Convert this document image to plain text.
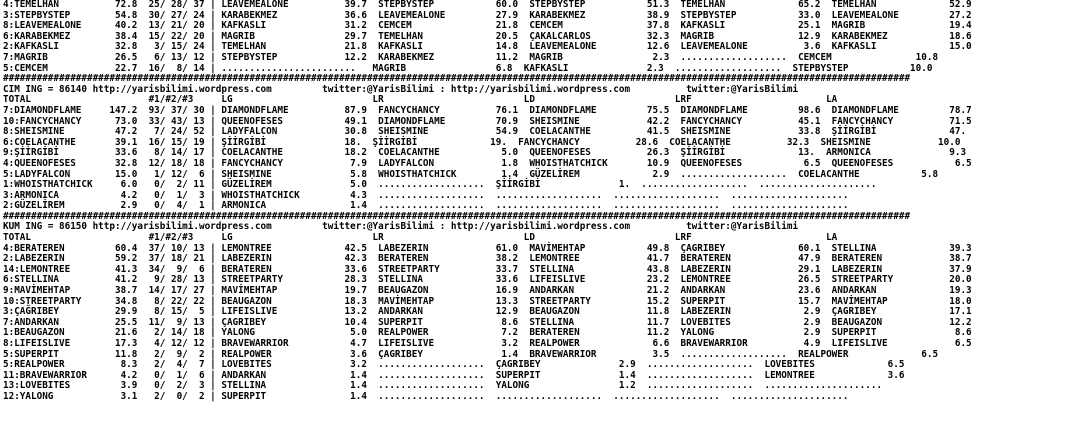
4:TEMELHAN          72.8  25/ 28/ 37 | LEAVEMEALONE          39.7  STEPBYSTEP           60.0  STEPBYSTEP           51.3  TEMELHAN             65.2  TEMELHAN             52.9
3:STEPBYSTEP        54.8  30/ 27/ 24 | KARABEKMEZ            36.6  LEAVEMEALONE         27.9  KARABEKMEZ           38.9  STEPBYSTEP           33.0  LEAVEMEALONE         27.2
8:LEAVEMEALONE      40.2  13/ 21/ 20 | KAFKASLI              31.2  CEMCEM               21.8  CEMCEM               37.8  KAFKASLI             25.1  MAGRIB               19.4
6:KARABEKMEZ        38.4  15/ 22/ 20 | MAGRIB                29.7  TEMELHAN             20.5  ÇAKALCARLOS          32.3  MAGRIB               12.9  KARABEKMEZ           18.6
2:KAFKASLI          32.8   3/ 15/ 24 | TEMELHAN              21.8  KAFKASLI             14.8  LEAVEMEALONE         12.6  LEAVEMEALONE          3.6  KAFKASLI             15.0
7:MAGRIB            26.5   6/ 13/ 12 | STEPBYSTEP            12.2  KARABEKMEZ           11.2  MAGRIB                2.3  ...................  CEMCEM               10.8
5:CEMCEM            22.7  16/  8/ 14 | ........................   MAGRIB                6.8  KAFKASLI              2.3  ...................  STEPBYSTEP           10.0
##################################################################################################################################################################
CIM ING = 86140 http://yarisbilimi.wordpress.com         twitter:@YarisBilimi : http://yarisbilimi.wordpress.com          twitter:@YarisBilimi
TOTAL                     #1/#2/#3     LG                         LR                         LD                         LRF                        LA
7:DIAMONDFLAME     147.2  93/ 37/ 30 | DIAMONDFLAME          87.9  FANCYCHANCY          76.1  DIAMONDFLAME         75.5  DIAMONDFLAME         98.6  DIAMONDFLAME         78.7
10:FANCYCHANCY      73.0  33/ 43/ 13 | QUEENOFESES           49.1  DIAMONDFLAME         70.9  SHEISMINE            42.2  FANCYCHANCY          45.1  FANCYCHANCY          71.5
8:SHEISMINE         47.2   7/ 24/ 52 | LADYFALCON            30.8  SHEISMINE            54.9  COELACANTHE          41.5  SHEISMINE            33.8  ŞİİRGİBİ             47.
6:COELACANTHE       39.1  16/ 15/ 19 | ŞİİRGİBİ              18.  ŞİİRGİBİ             19.  FANCYCHANCY          28.6  COELACANTHE          32.3  SHEISMINE            10.0
9:ŞİİRGİBİ          33.6   8/ 14/ 17 | COELACANTHE           18.2  COELACANTHE           5.0  QUEENOFESES          26.3  ŞİİRGİBİ             13.  ARMONICA              9.3
4:QUEENOFESES       32.8  12/ 18/ 18 | FANCYCHANCY            7.9  LADYFALCON            1.8  WHOISTHATCHICK       10.9  QUEENOFESES           6.5  QUEENOFESES           6.5
5:LADYFALCON        15.0   1/ 12/  6 | SHEISMINE              5.8  WHOISTHATCHICK        1.4  GÜZELİREM             2.9  ...................  COELACANTHE           5.8
1:WHOISTHATCHICK     6.0   0/  2/ 11 | GÜZELİREM              5.0  ...................  ŞİİRGİBİ              1.  ...................  .....................
3:ARMONICA           4.2   0/  1/  3 | WHOISTHATCHICK         4.3  ...................  ...................  ...................  .....................
2:GÜZELİREM          2.9   0/  4/  1 | ARMONICA               1.4  ...................  ...................  ...................  .....................
##################################################################################################################################################################
KUM ING = 86150 http://yarisbilimi.wordpress.com         twitter:@YarisBilimi : http://yarisbilimi.wordpress.com          twitter:@YarisBilimi
TOTAL                     #1/#2/#3     LG                         LR                         LD                         LRF                        LA
4:BERATEREN         60.4  37/ 10/ 13 | LEMONTREE             42.5  LABEZERIN            61.0  MAVİMEHTAP           49.8  ÇAGRIBEY             60.1  STELLINA             39.3
2:LABEZERIN         59.2  37/ 18/ 21 | LABEZERIN             42.3  BERATEREN            38.2  LEMONTREE            41.7  BERATEREN            47.9  BERATEREN            38.7
14:LEMONTREE        41.3  34/  9/  6 | BERATEREN             33.6  STREETPARTY          33.7  STELLINA             43.8  LABEZERIN            29.1  LABEZERIN            37.9
6:STELLINA          41.2   9/ 28/ 13 | STREETPARTY           28.3  STELLINA             33.6  LIFEISLIVE           23.2  LEMONTREE            26.5  STREETPARTY          20.0
9:MAVİMEHTAP        38.7  14/ 17/ 27 | MAVİMEHTAP            19.7  BEAUGAZON            16.9  ANDARKAN             21.2  ANDARKAN             23.6  ANDARKAN             19.3
10:STREETPARTY      34.8   8/ 22/ 22 | BEAUGAZON             18.3  MAVİMEHTAP           13.3  STREETPARTY          15.2  SUPERPIT             15.7  MAVİMEHTAP           18.0
3:ÇAĞRIBEY          29.9   8/ 15/  5 | LIFEISLIVE            13.2  ANDARKAN             12.9  BEAUGAZON            11.8  LABEZERIN             2.9  ÇAGRIBEY             17.1
7:ANDARKAN          25.5  11/  9/ 13 | ÇAGRIBEY              10.4  SUPERPIT              8.6  STELLINA             11.7  LOVEBITES             2.9  BEAUGAZON            12.2
1:BEAUGAZON         21.6   2/ 14/ 18 | YALONG                 5.0  REALPOWER             7.2  BERATEREN            11.2  YALONG                2.9  SUPERPIT              8.6
8:LIFEISLIVE        17.3   4/ 12/ 12 | BRAVEWARRIOR           4.7  LIFEISLIVE            3.2  REALPOWER             6.6  BRAVEWARRIOR          4.9  LIFEISLIVE            6.5
5:SUPERPIT          11.8   2/  9/  2 | REALPOWER              3.6  ÇAGRIBEY              1.4  BRAVEWARRIOR          3.5  ...................  REALPOWER             6.5
5:REALPOWER          8.3   2/  4/  7 | LOVEBITES              3.2  ...................  ÇAGRIBEY              2.9  ...................  LOVEBITES             6.5
11:BRAVEWARRIOR      4.2   0/  1/  6 | ANDARKAN               1.4  ...................  SUPERPIT              1.4  ...................  LEMONTREE             3.6
13:LOVEBITES         3.9   0/  2/  3 | STELLINA               1.4  ...................  YALONG                1.2  ...................  .....................
12:YALONG            3.1   2/  0/  2 | SUPERPIT               1.4  ...................  ...................  ...................  .....................
